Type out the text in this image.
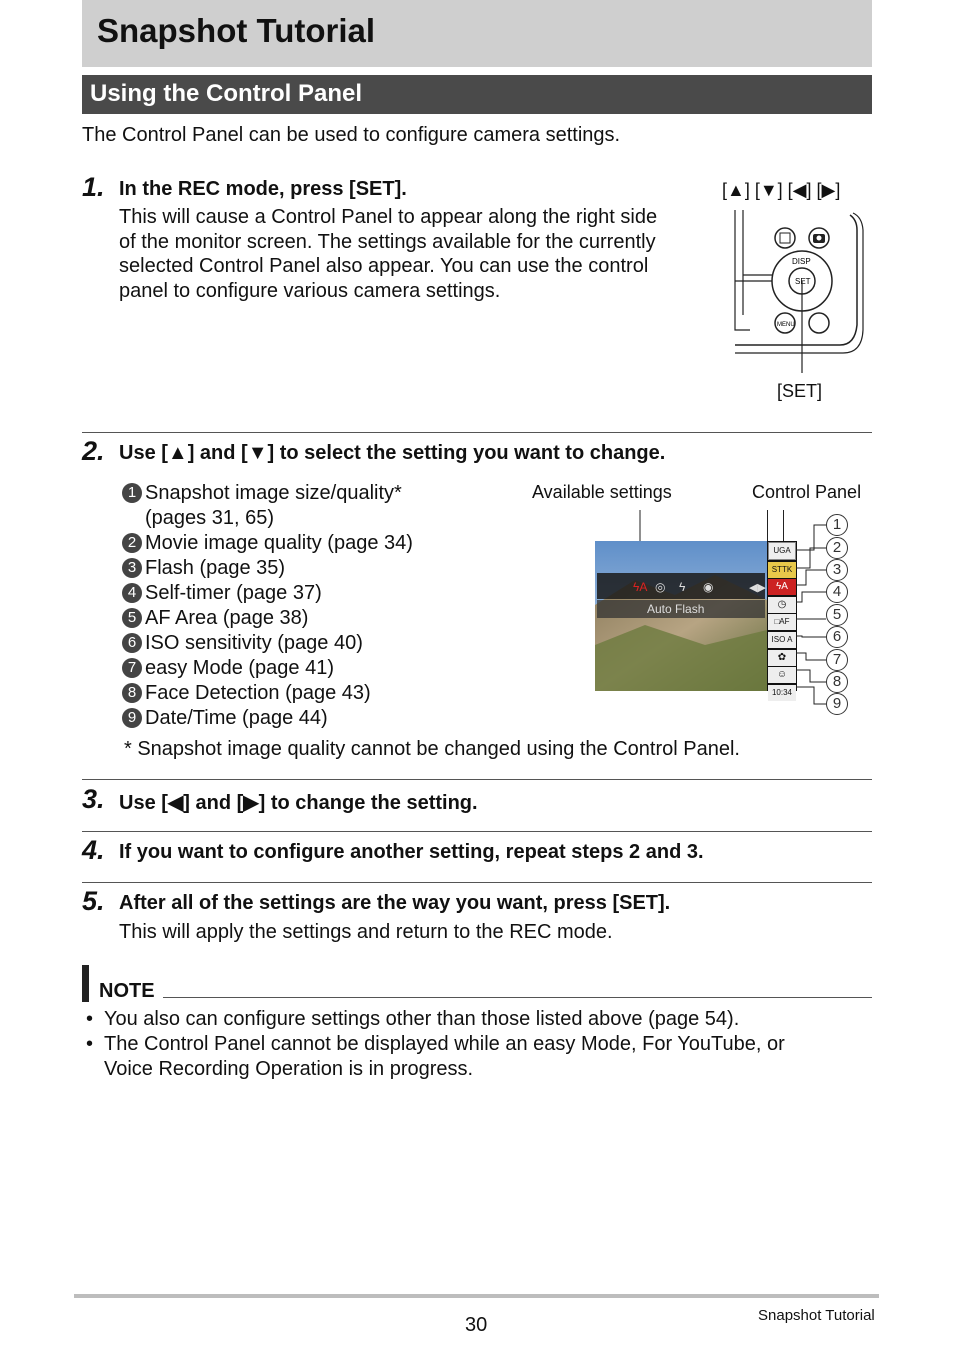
Snapshot Tutorial
Using the Control Panel
The Control Panel can be used to configure camera settings.
1. In the REC mode, press [SET].
This will cause a Control Panel to appear along the right side
of the monitor screen. The settings available for the currently
selected Control Panel also appear. You can use the control
panel to configure various camera settings.
[▲] [▼] [◀] [▶]
DISP
SET
MENU
[SET]
2. Use [▲] and [▼] to select the setting you want to change.
1 Snapshot image size/quality*
(pages 31, 65)
2 Movie image quality (page 34)
3 Flash (page 35)
4 Self-timer (page 37)
5 AF Area (page 38)
6 ISO sensitivity (page 40)
7 easy Mode (page 41)
8 Face Detection (page 43)
9 Date/Time (page 44)
Available settings	Control Panel
ϟA ◎ ϟ ◉	◀▶
Auto Flash
UGA
STTK
ϟA
◷
□AF
ISO A
✿
☺
10:34
1
2
3
4
5
6
7
8
9
* Snapshot image quality cannot be changed using the Control Panel.
3. Use [◀] and [▶] to change the setting.
4. If you want to configure another setting, repeat steps 2 and 3.
5. After all of the settings are the way you want, press [SET].
This will apply the settings and return to the REC mode.
NOTE
• You also can configure settings other than those listed above (page 54).
• The Control Panel cannot be displayed while an easy Mode, For YouTube, or
Voice Recording Operation is in progress.
30	Snapshot Tutorial
